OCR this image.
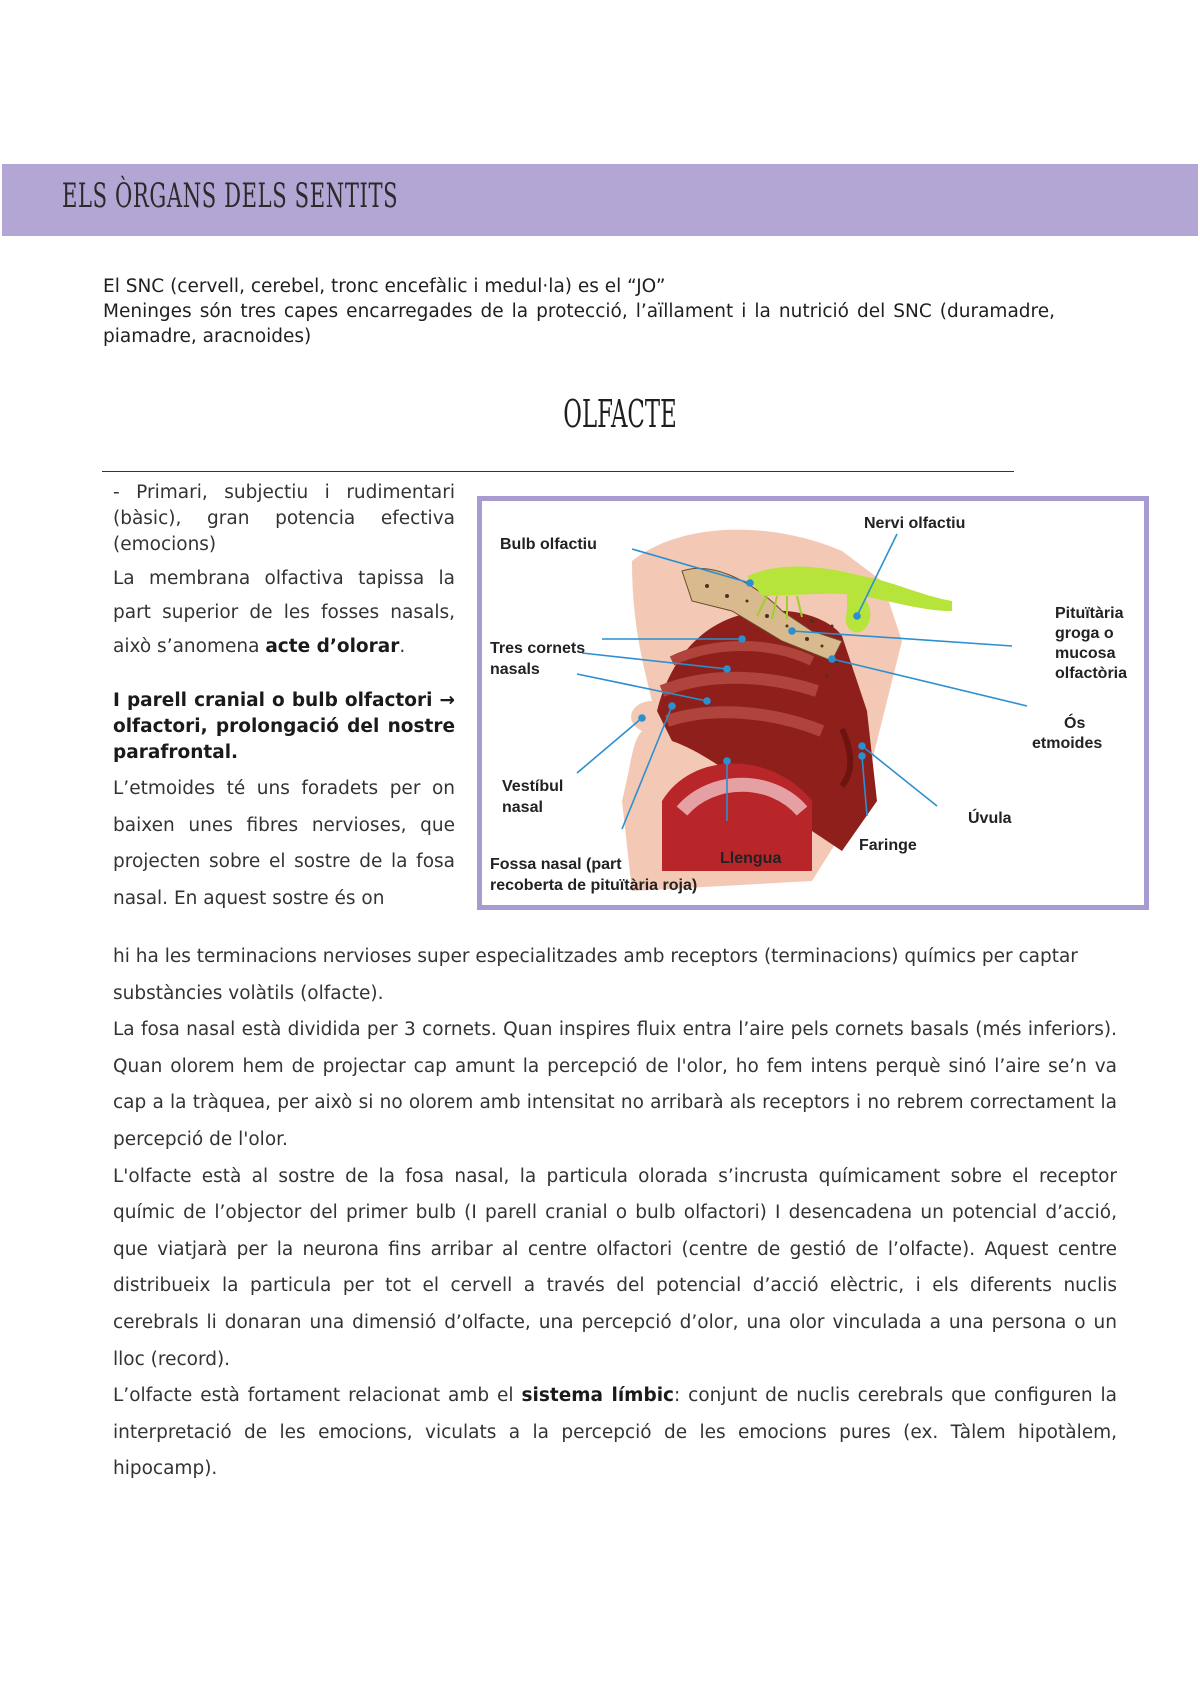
ELS ÒRGANS DELS SENTITS

El SNC (cervell, cerebel, tronc encefàlic i medul·la) es el “JO”

Meninges són tres capes encarregades de la protecció, l’aïllament i la nutrició del SNC (duramadre, piamadre, aracnoides)

OLFACTE

- Primari, subjectiu i rudimentari (bàsic), gran potencia efectiva (emocions)

La membrana olfactiva tapissa la part superior de les fosses nasals, això s’anomena acte d’olorar.

I parell cranial o bulb olfactori → olfactori, prolongació del nostre parafrontal.

L’etmoides té uns foradets per on baixen unes fibres nervioses, que projecten sobre el sostre de la fosa nasal. En aquest sostre és on

Bulb olfactiu
Nervi olfactiu
Tres cornets
nasals
Pituïtària
groga o
mucosa
olfactòria
Ós
etmoides
Vestíbul
nasal
Úvula
Faringe
Llengua
Fossa nasal (part
recoberta de pituïtària roja)

hi ha les terminacions nervioses super especialitzades amb receptors (terminacions) químics per captar substàncies volàtils (olfacte).

La fosa nasal està dividida per 3 cornets. Quan inspires fluix entra l’aire pels cornets basals (més inferiors). Quan olorem hem de projectar cap amunt la percepció de l'olor, ho fem intens perquè sinó l’aire se’n va cap a la tràquea, per això si no olorem amb intensitat no arribarà als receptors i no rebrem correctament la percepció de l'olor.

L'olfacte està al sostre de la fosa nasal, la particula olorada s’incrusta químicament sobre el receptor químic de l’objector del primer bulb (I parell cranial o bulb olfactori) I desencadena un potencial d’acció, que viatjarà per la neurona fins arribar al centre olfactori (centre de gestió de l’olfacte). Aquest centre distribueix la particula per tot el cervell a través del potencial d’acció elèctric, i els diferents nuclis cerebrals li donaran una dimensió d’olfacte, una percepció d’olor, una olor vinculada a una persona o un lloc (record).

L’olfacte està fortament relacionat amb el sistema límbic: conjunt de nuclis cerebrals que configuren la interpretació de les emocions, viculats a la percepció de les emocions pures (ex. Tàlem hipotàlem, hipocamp).
